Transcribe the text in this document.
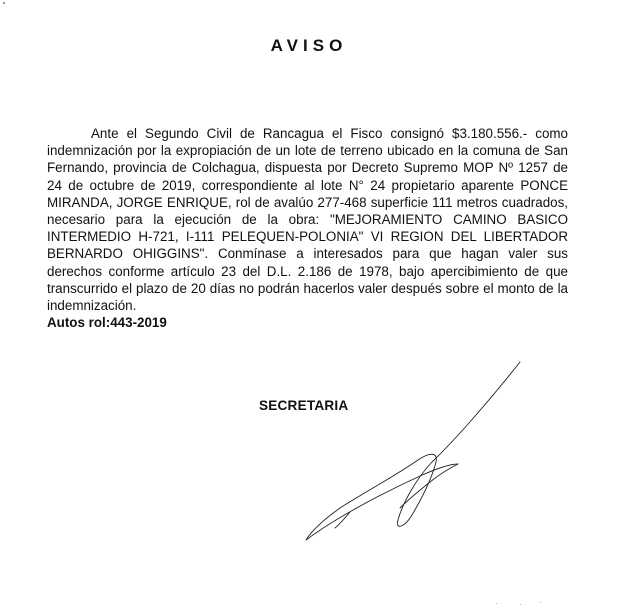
AVISO

Ante el Segundo Civil de Rancagua el Fisco consignó $3.180.556.- como indemnización por la expropiación de un lote de terreno ubicado en la comuna de San Fernando, provincia de Colchagua, dispuesta por Decreto Supremo MOP Nº 1257 de 24 de octubre de 2019, correspondiente al lote N° 24 propietario aparente PONCE MIRANDA, JORGE ENRIQUE, rol de avalúo 277-468 superficie 111 metros cuadrados, necesario para la ejecución de la obra: "MEJORAMIENTO CAMINO BASICO INTERMEDIO H-721, I-111 PELEQUEN-POLONIA" VI REGION DEL LIBERTADOR BERNARDO OHIGGINS". Conmínase a interesados para que hagan valer sus derechos conforme artículo 23 del D.L. 2.186 de 1978, bajo apercibimiento de que transcurrido el plazo de 20 días no podrán hacerlos valer después sobre el monto de la indemnización.

Autos rol:443-2019
SECRETARIA
